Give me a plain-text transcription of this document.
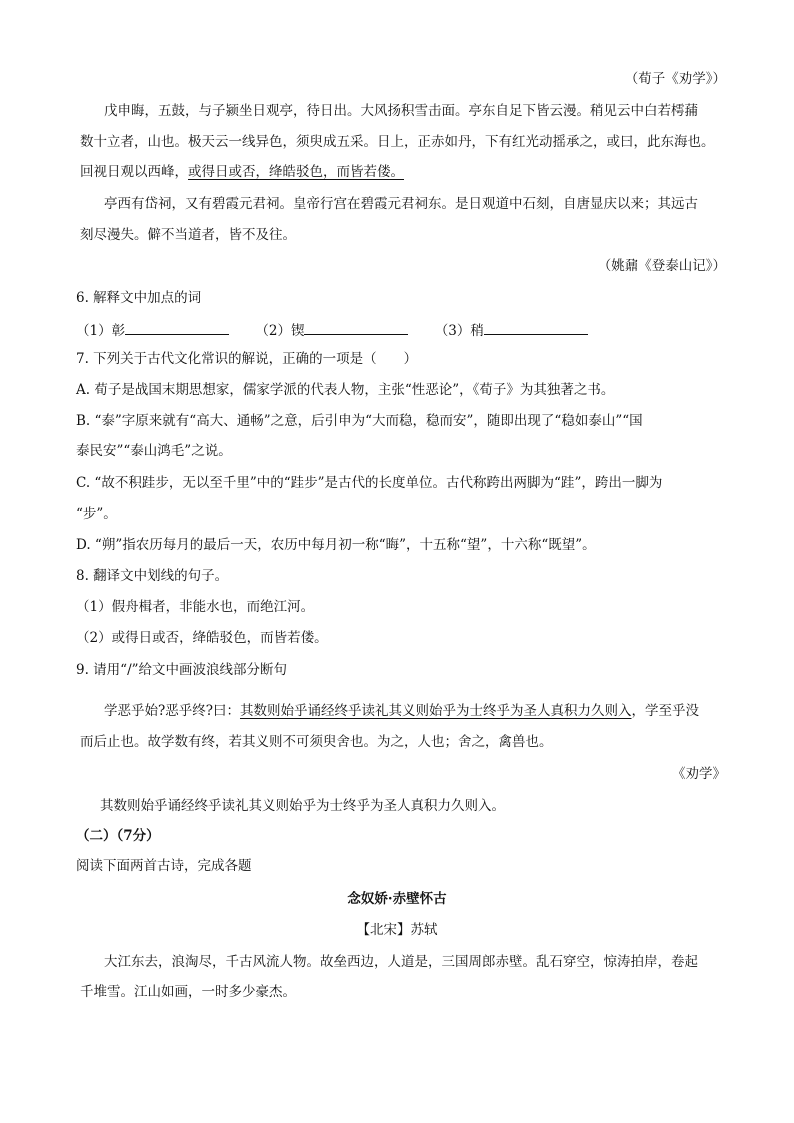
（荀子《劝学》）
戊申晦，五鼓，与子颍坐日观亭，待日出。大风扬积雪击面。亭东自足下皆云漫。稍见云中白若樗蒱
数十立者，山也。极天云一线异色，须臾成五采。日上，正赤如丹，下有红光动摇承之，或曰，此东海也。
回视日观以西峰，或得日或否，绛皓驳色，而皆若偻。
亭西有岱祠，又有碧霞元君祠。皇帝行宫在碧霞元君祠东。是日观道中石刻，自唐显庆以来；其远古
刻尽漫失。僻不当道者，皆不及往。
（姚鼐《登泰山记》）
6. 解释文中加点的词
（1）彰	（2）锲	（3）稍
7. 下列关于古代文化常识的解说，正确的一项是（　　）
A. 荀子是战国末期思想家，儒家学派的代表人物，主张“性恶论”，《荀子》为其独著之书。
B. “泰”字原来就有“高大、通畅”之意，后引申为“大而稳，稳而安”，随即出现了“稳如泰山”“国
泰民安”“泰山鸿毛”之说。
C. “故不积跬步，无以至千里”中的“跬步”是古代的长度单位。古代称跨出两脚为“跬”，跨出一脚为
“步”。
D. “朔”指农历每月的最后一天，农历中每月初一称“晦”，十五称“望”，十六称“既望”。
8. 翻译文中划线的句子。
（1）假舟楫者，非能水也，而绝江河。
（2）或得日或否，绛皓驳色，而皆若偻。
9. 请用“/”给文中画波浪线部分断句
学恶乎始?恶乎终?曰：其数则始乎诵经终乎读礼其义则始乎为士终乎为圣人真积力久则入，学至乎没
而后止也。故学数有终，若其义则不可须臾舍也。为之，人也；舍之，禽兽也。
《劝学》
其数则始乎诵经终乎读礼其义则始乎为士终乎为圣人真积力久则入。
（二）（7分）
阅读下面两首古诗，完成各题
念奴娇·赤壁怀古
【北宋】苏轼
大江东去，浪淘尽，千古风流人物。故垒西边，人道是，三国周郎赤壁。乱石穿空，惊涛拍岸，卷起
千堆雪。江山如画，一时多少豪杰。
